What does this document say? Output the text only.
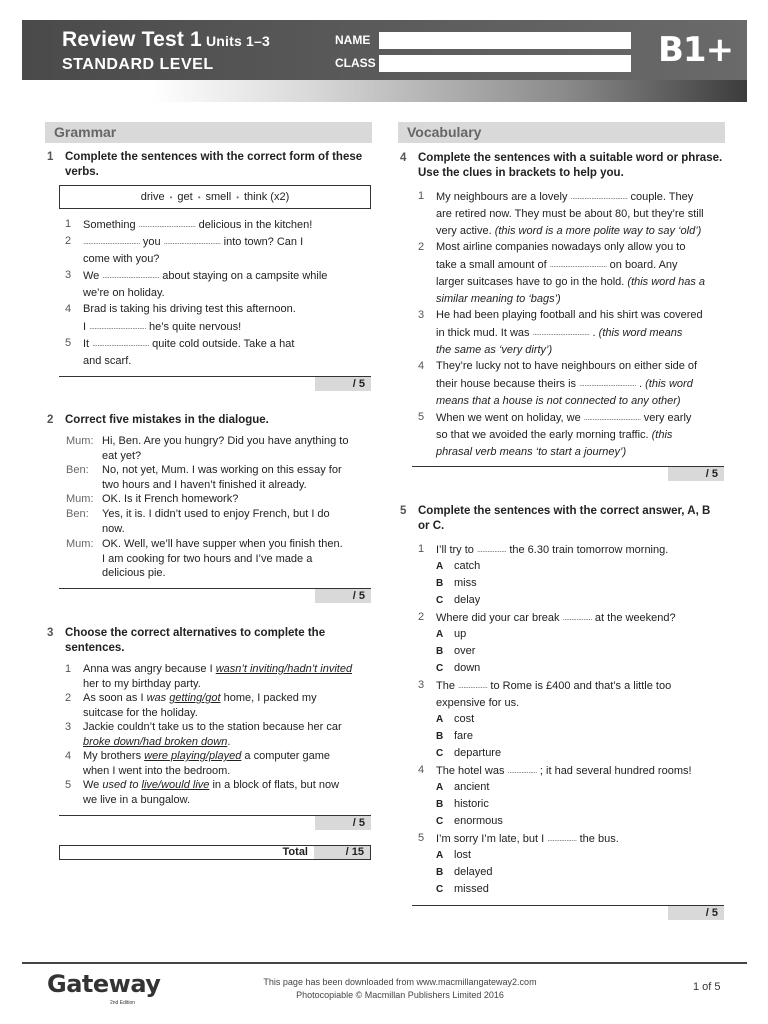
Review Test 1 Units 1–3
STANDARD LEVEL
NAME
CLASS	B1+
Grammar
1 Complete the sentences with the correct form of these verbs.
drive • get • smell • think (x2)
1 Something ................................. delicious in the kitchen!
2 ................................. you ................................. into town? Can I
come with you?
3 We ................................. about staying on a campsite while
we’re on holiday.
4 Brad is taking his driving test this afternoon.
I ................................. he’s quite nervous!
5 It ................................. quite cold outside. Take a hat
and scarf.
/ 5
2 Correct five mistakes in the dialogue.
Mum: Hi, Ben. Are you hungry? Did you have anything to
eat yet?
Ben: No, not yet, Mum. I was working on this essay for
two hours and I haven’t finished it already.
Mum: OK. Is it French homework?
Ben: Yes, it is. I didn’t used to enjoy French, but I do
now.
Mum: OK. Well, we’ll have supper when you finish then.
I am cooking for two hours and I’ve made a
delicious pie.
/ 5
3 Choose the correct alternatives to complete the sentences.
1 Anna was angry because I wasn’t inviting/hadn’t invited
her to my birthday party.
2 As soon as I was getting/got home, I packed my
suitcase for the holiday.
3 Jackie couldn’t take us to the station because her car
broke down/had broken down.
4 My brothers were playing/played a computer game
when I went into the bedroom.
5 We used to live/would live in a block of flats, but now
we live in a bungalow.
/ 5
Total	/ 15
Vocabulary
4 Complete the sentences with a suitable word or phrase. Use the clues in brackets to help you.
1 My neighbours are a lovely ................................. couple. They
are retired now. They must be about 80, but they’re still
very active. (this word is a more polite way to say ‘old’)
2 Most airline companies nowadays only allow you to
take a small amount of ................................. on board. Any
larger suitcases have to go in the hold. (this word has a
similar meaning to ‘bags’)
3 He had been playing football and his shirt was covered
in thick mud. It was ................................. . (this word means
the same as ‘very dirty’)
4 They’re lucky not to have neighbours on either side of
their house because theirs is ................................. . (this word
means that a house is not connected to any other)
5 When we went on holiday, we ................................. very early
so that we avoided the early morning traffic. (this
phrasal verb means ‘to start a journey’)
/ 5
5 Complete the sentences with the correct answer, A, B or C.
1 I’ll try to ................. the 6.30 train tomorrow morning.
A catch
B miss
C delay
2 Where did your car break ................. at the weekend?
A up
B over
C down
3 The ................. to Rome is £400 and that’s a little too
expensive for us.
A cost
B fare
C departure
4 The hotel was ................. ; it had several hundred rooms!
A ancient
B historic
C enormous
5 I’m sorry I’m late, but I ................. the bus.
A lost
B delayed
C missed
/ 5
Gateway
2nd Edition
This page has been downloaded from www.macmillangateway2.com
Photocopiable © Macmillan Publishers Limited 2016
1 of 5
